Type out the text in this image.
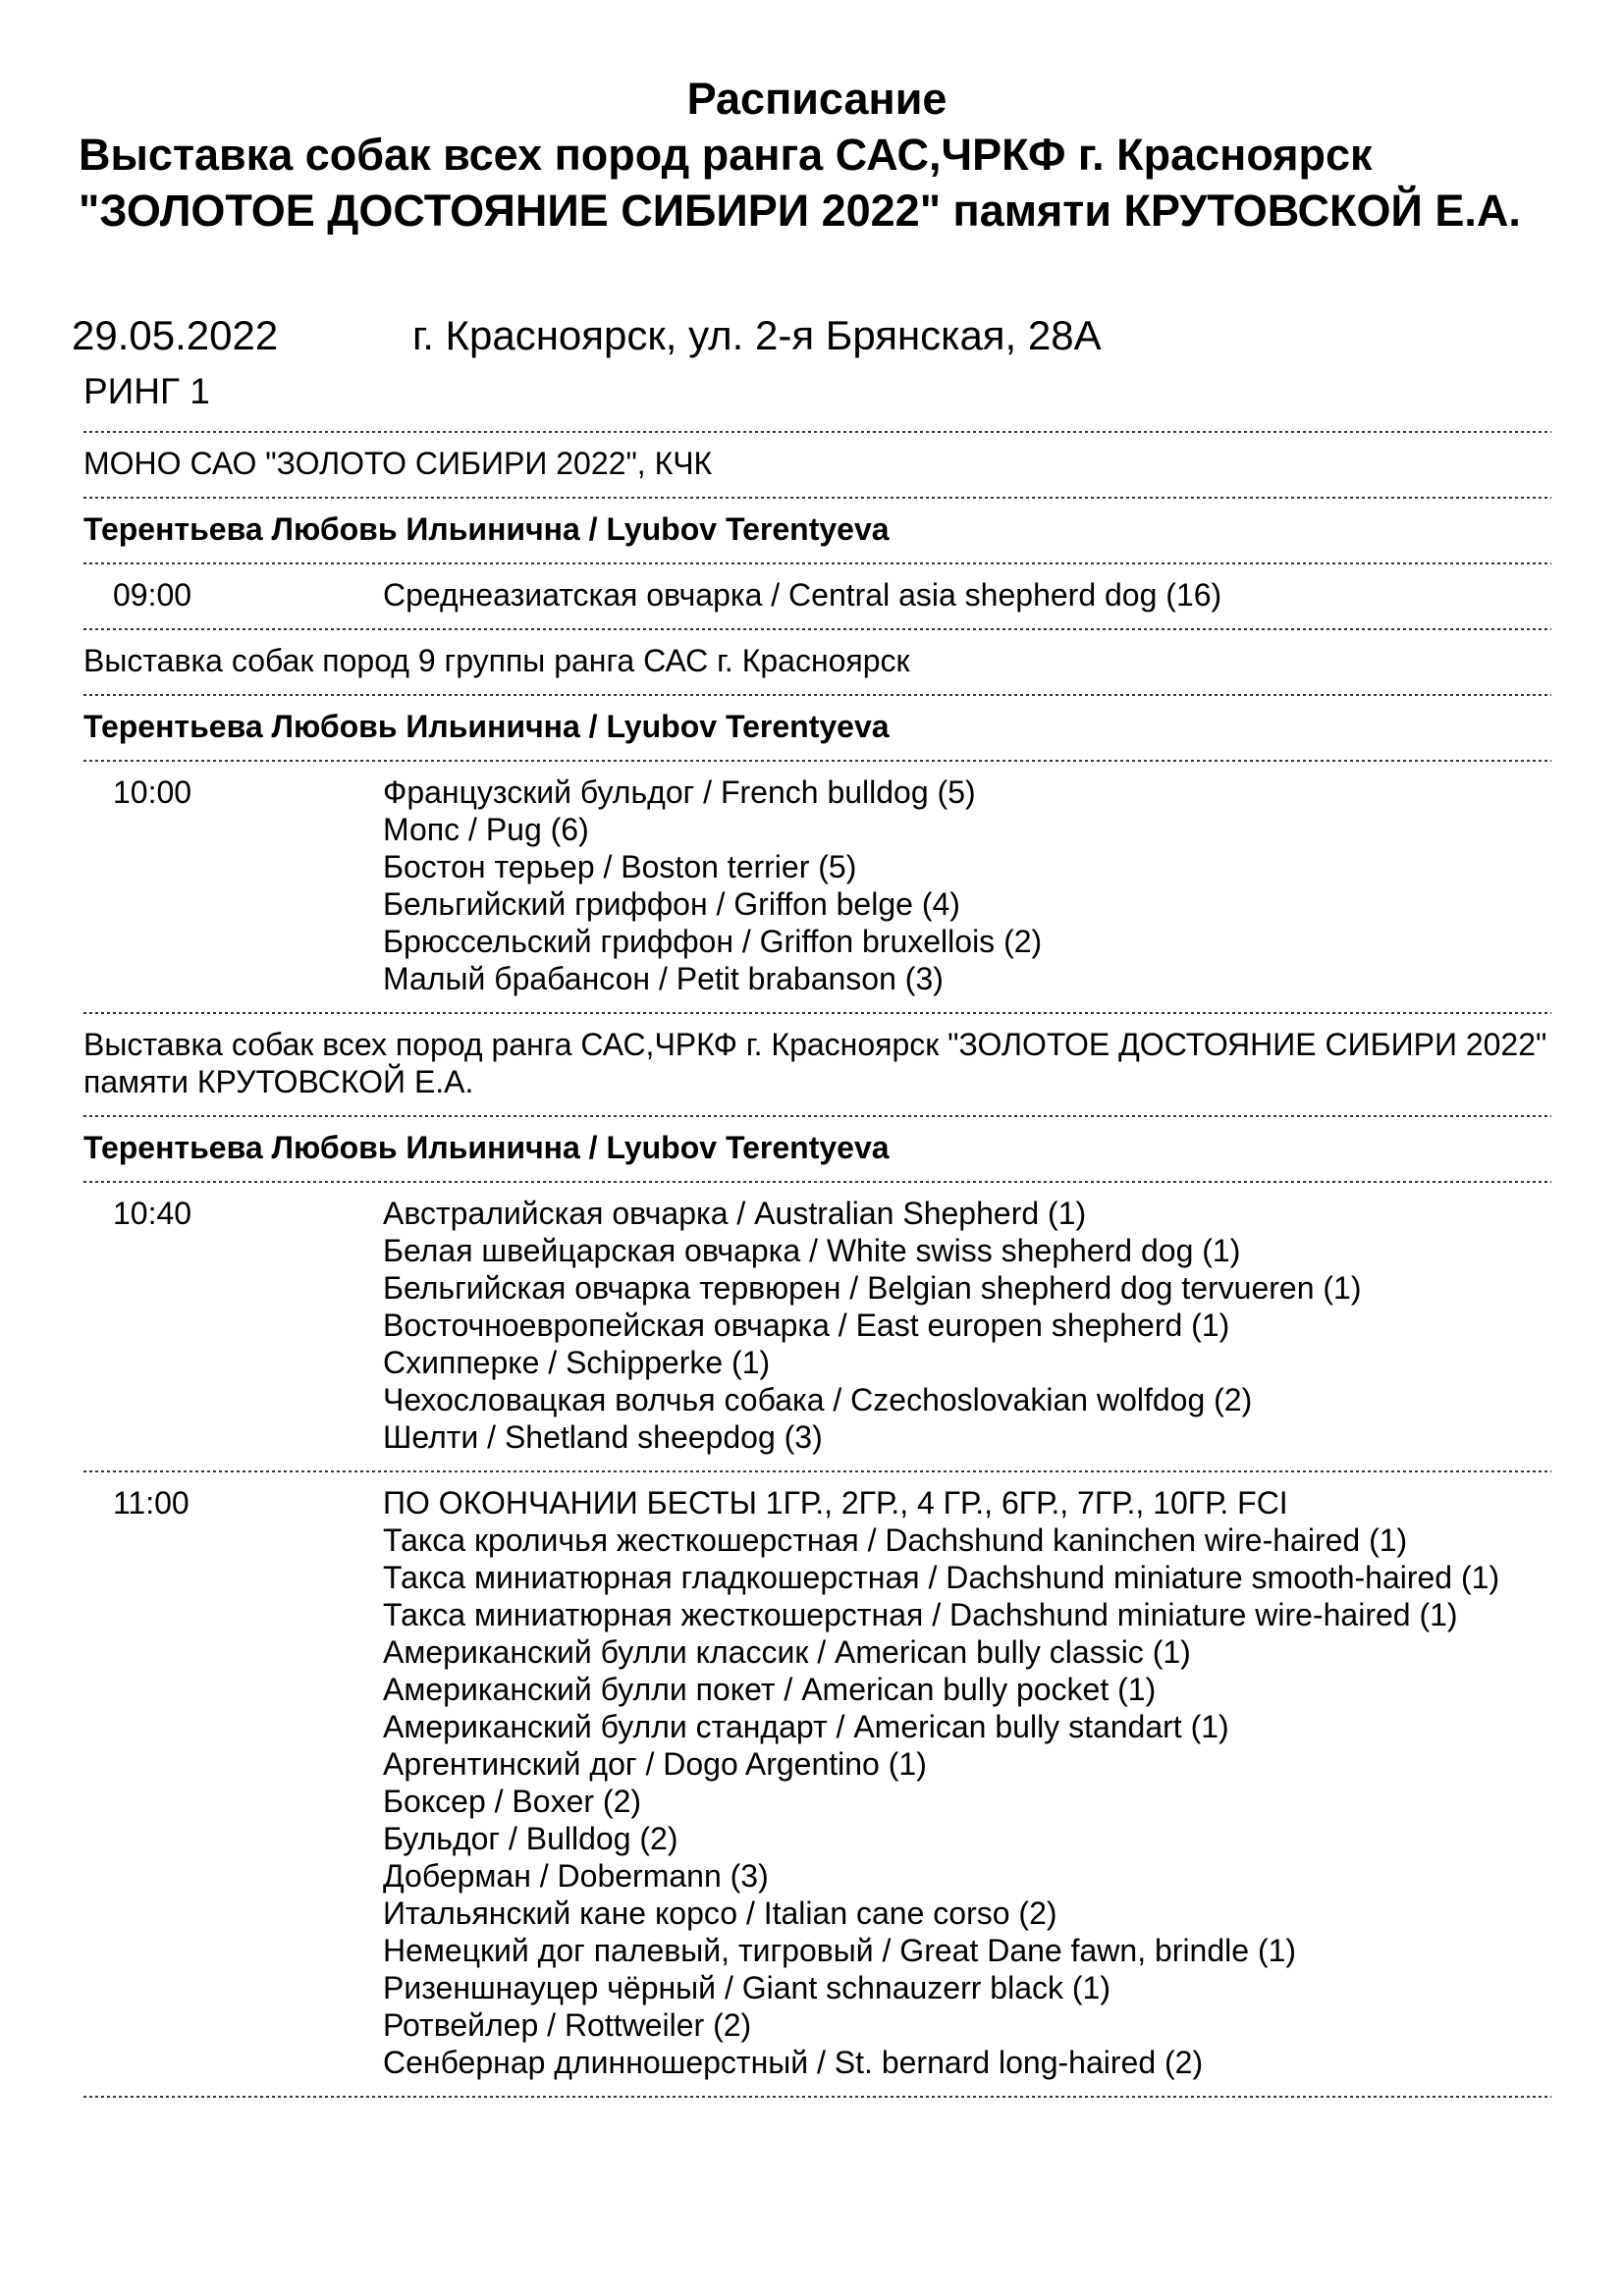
Расписание
Выставка собак всех пород ранга САС,ЧРКФ г. Красноярск "ЗОЛОТОЕ ДОСТОЯНИЕ СИБИРИ 2022" памяти КРУТОВСКОЙ Е.А.
29.05.2022	г. Красноярск, ул. 2-я Брянская, 28А
РИНГ 1
МОНО САО "ЗОЛОТО СИБИРИ 2022", КЧК
Терентьева Любовь Ильинична / Lyubov Terentyeva
09:00	Среднеазиатская овчарка / Central asia shepherd dog (16)
Выставка собак пород 9 группы ранга САС г. Красноярск
Терентьева Любовь Ильинична / Lyubov Terentyeva
10:00	Французский бульдог / French bulldog (5)
Мопс / Pug (6)
Бостон терьер / Boston terrier (5)
Бельгийский гриффон / Griffon belge (4)
Брюссельский гриффон / Griffon bruxellois (2)
Малый брабансон / Petit brabanson (3)
Выставка собак всех пород ранга САС,ЧРКФ г. Красноярск "ЗОЛОТОЕ ДОСТОЯНИЕ СИБИРИ 2022" памяти КРУТОВСКОЙ Е.А.
Терентьева Любовь Ильинична / Lyubov Terentyeva
10:40	Австралийская овчарка / Australian Shepherd (1)
Белая швейцарская овчарка / White swiss shepherd dog (1)
Бельгийская овчарка тервюрен / Belgian shepherd dog tervueren (1)
Восточноевропейская овчарка / East europen shepherd (1)
Схипперке / Schipperke (1)
Чехословацкая волчья собака / Czechoslovakian wolfdog (2)
Шелти / Shetland sheepdog (3)
11:00	ПО ОКОНЧАНИИ БЕСТЫ 1ГР., 2ГР., 4 ГР., 6ГР., 7ГР., 10ГР. FCI
Такса кроличья жесткошерстная / Dachshund kaninchen wire-haired (1)
Такса миниатюрная гладкошерстная / Dachshund miniature smooth-haired (1)
Такса миниатюрная жесткошерстная / Dachshund miniature wire-haired (1)
Американский булли классик / American bully classic (1)
Американский булли покет / American bully pocket (1)
Американский булли стандарт / American bully standart (1)
Аргентинский дог / Dogo Argentino (1)
Боксер / Boxer (2)
Бульдог / Bulldog (2)
Доберман / Dobermann (3)
Итальянский кане корсо / Italian cane corso (2)
Немецкий дог палевый, тигровый / Great Dane fawn, brindle (1)
Ризеншнауцер чёрный / Giant schnauzerr black (1)
Ротвейлер / Rottweiler (2)
Сенбернар длинношерстный / St. bernard long-haired (2)
